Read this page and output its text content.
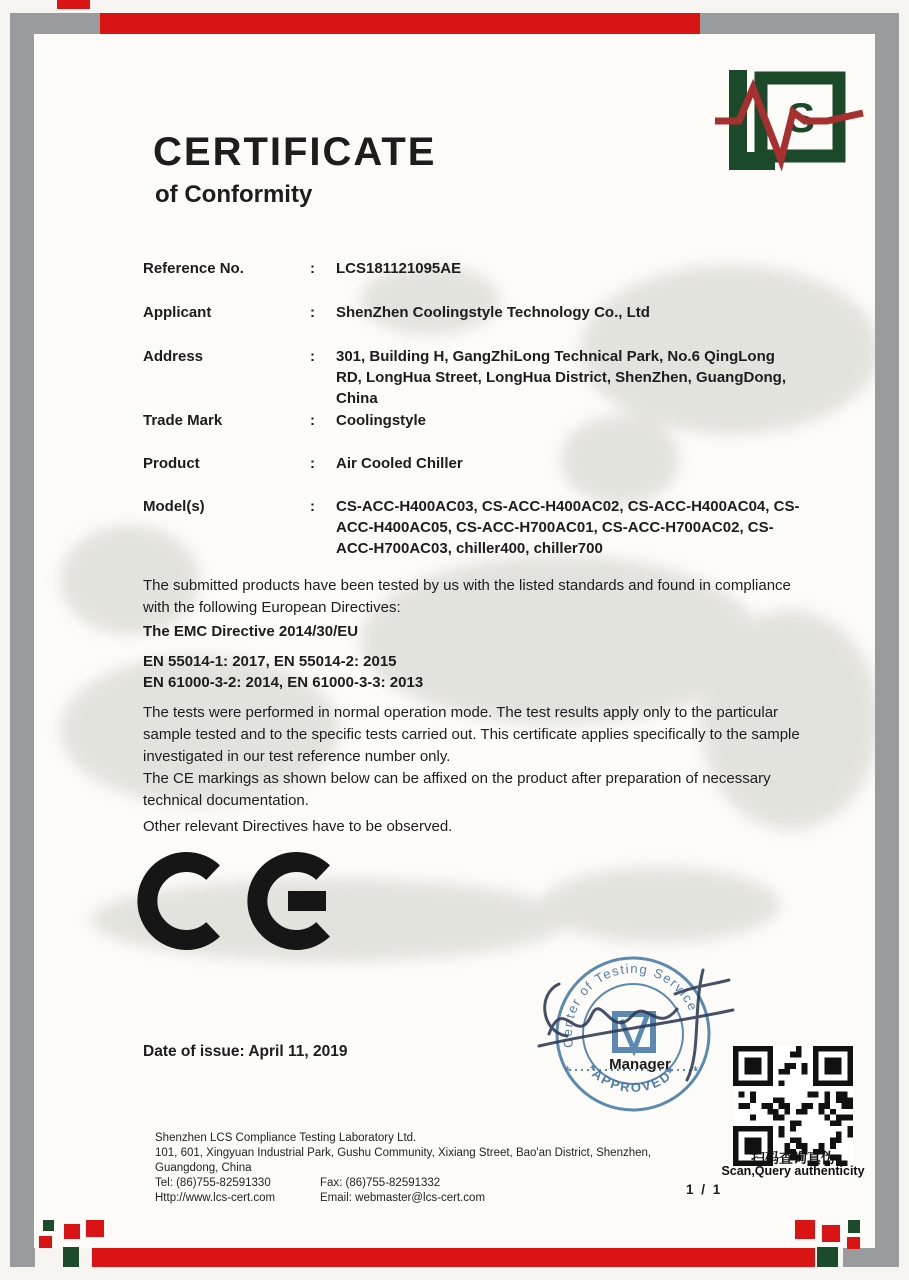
S
CERTIFICATE
of Conformity
Reference No.	:	LCS181121095AE
Applicant	:	ShenZhen Coolingstyle Technology Co., Ltd
Address	:	301, Building H, GangZhiLong Technical Park, No.6 QingLong RD, LongHua Street, LongHua District, ShenZhen, GuangDong, China
Trade Mark	:	Coolingstyle
Product	:	Air Cooled Chiller
Model(s)	:	CS-ACC-H400AC03, CS-ACC-H400AC02, CS-ACC-H400AC04, CS-ACC-H400AC05, CS-ACC-H700AC01, CS-ACC-H700AC02, CS-ACC-H700AC03, chiller400, chiller700
The submitted products have been tested by us with the listed standards and found in compliance with the following European Directives:
The EMC Directive 2014/30/EU
EN 55014-1: 2017, EN 55014-2: 2015
EN 61000-3-2: 2014, EN 61000-3-3: 2013
The tests were performed in normal operation mode. The test results apply only to the particular sample tested and to the specific tests carried out. This certificate applies specifically to the sample investigated in our test reference number only.
The CE markings as shown below can be affixed on the product after preparation of necessary technical documentation.
Other relevant Directives have to be observed.
Date of issue: April 11, 2019
Center of Testing Service
*APPROVED*
*	*
Manager
扫码查询真伪
Scan,Query authenticity
Shenzhen LCS Compliance Testing Laboratory Ltd.
101, 601, Xingyuan Industrial Park, Gushu Community, Xixiang Street, Bao'an District, Shenzhen,
Guangdong, China
Tel: (86)755-82591330	Fax: (86)755-82591332
Http://www.lcs-cert.com	Email: webmaster@lcs-cert.com
1 / 1
